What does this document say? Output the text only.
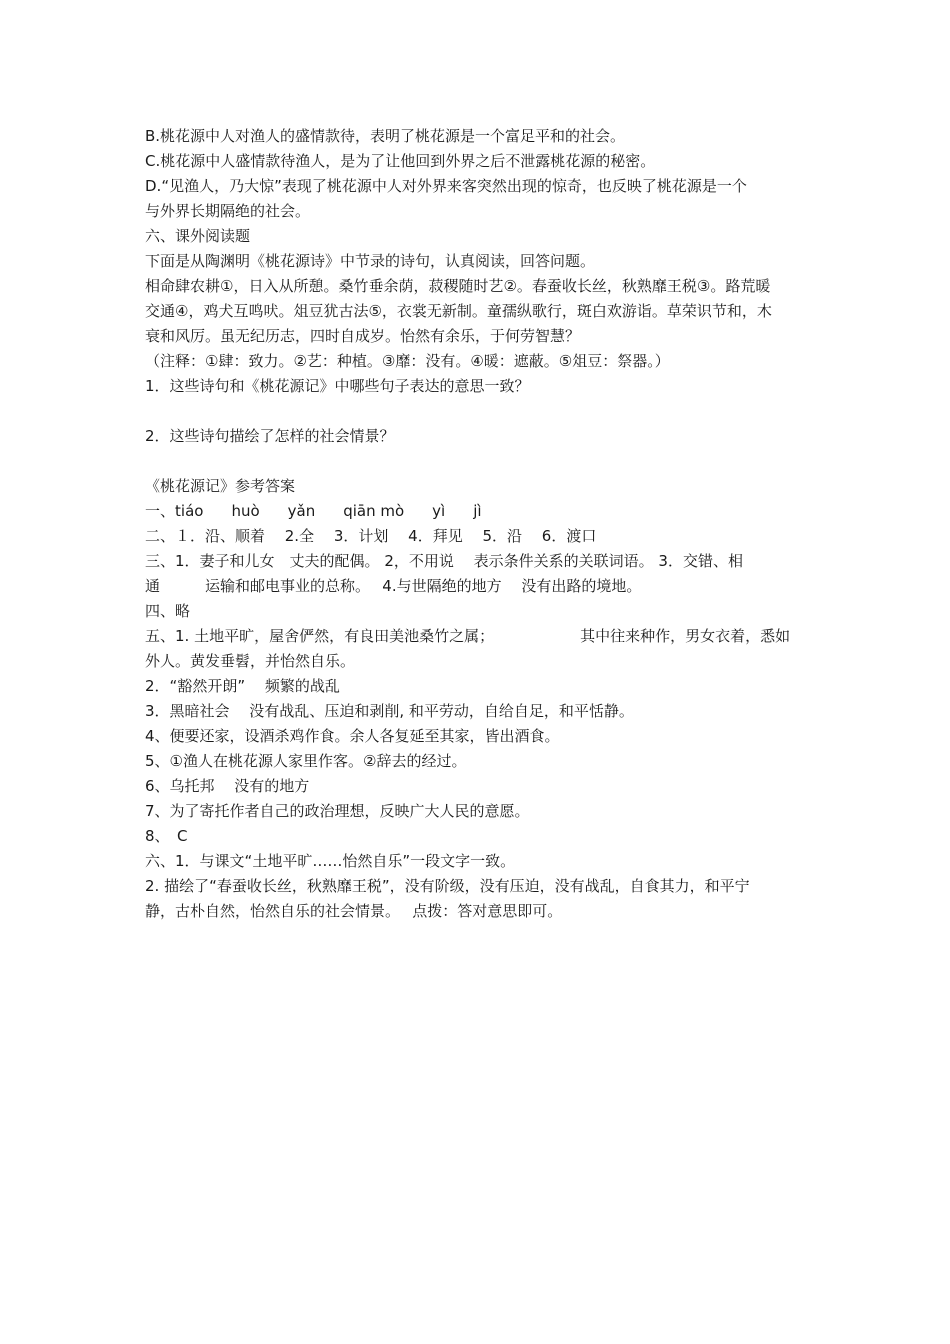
B.桃花源中人对渔人的盛情款待，表明了桃花源是一个富足平和的社会。
C.桃花源中人盛情款待渔人，是为了让他回到外界之后不泄露桃花源的秘密。
D.“见渔人，乃大惊”表现了桃花源中人对外界来客突然出现的惊奇，也反映了桃花源是一个
与外界长期隔绝的社会。
六、课外阅读题
下面是从陶渊明《桃花源诗》中节录的诗句，认真阅读，回答问题。
相命肆农耕①，日入从所憩。桑竹垂余荫，菽稷随时艺②。春蚕收长丝，秋熟靡王税③。路荒暖
交通④，鸡犬互鸣吠。俎豆犹古法⑤，衣裳无新制。童孺纵歌行，斑白欢游诣。草荣识节和，木
衰和风厉。虽无纪历志，四时自成岁。怡然有余乐，于何劳智慧？
（注释：①肆：致力。②艺：种植。③靡：没有。④暖：遮蔽。⑤俎豆：祭器。）
1．这些诗句和《桃花源记》中哪些句子表达的意思一致？
2．这些诗句描绘了怎样的社会情景？
《桃花源记》参考答案
一、tiáo huò yǎn qiān mò yì jì
二、１．沿、顺着　 2.全　 3．计划　 4．拜见　 5．沿　 6．渡口
三、1．妻子和儿女　丈夫的配偶。 2，不用说　 表示条件关系的关联词语。 3．交错、相
通　　　运输和邮电事业的总称。　 4.与世隔绝的地方　 没有出路的境地。
四、略
五、1. 土地平旷，屋舍俨然，有良田美池桑竹之属；	其中往来种作，男女衣着，悉如
外人。黄发垂髫，并怡然自乐。
2．“豁然开朗”　 频繁的战乱
3．黑暗社会　 没有战乱、压迫和剥削, 和平劳动，自给自足，和平恬静。
4、便要还家，设酒杀鸡作食。余人各复延至其家，皆出酒食。
5、①渔人在桃花源人家里作客。②辞去的经过。
6、乌托邦　 没有的地方
7、为了寄托作者自己的政治理想，反映广大人民的意愿。
8、　C
六、1．与课文“土地平旷……怡然自乐”一段文字一致。
2. 描绘了“春蚕收长丝，秋熟靡王税”，没有阶级，没有压迫，没有战乱，自食其力，和平宁
静，古朴自然，怡然自乐的社会情景。　 点拨：答对意思即可。
